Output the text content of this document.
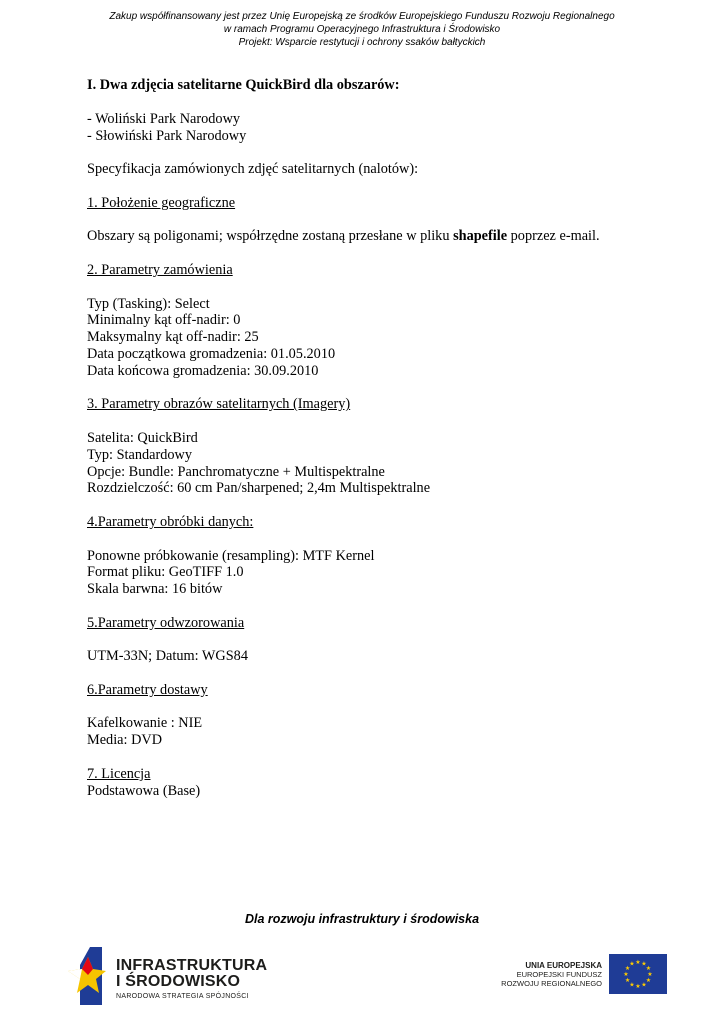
Zakup współfinansowany jest przez Unię Europejską ze środków Europejskiego Funduszu Rozwoju Regionalnego
w ramach Programu Operacyjnego Infrastruktura i Środowisko
Projekt: Wsparcie restytucji i ochrony ssaków bałtyckich
I. Dwa zdjęcia satelitarne QuickBird dla obszarów:
- Woliński Park Narodowy
- Słowiński Park Narodowy
Specyfikacja zamówionych zdjęć satelitarnych (nalotów):
1. Położenie geograficzne
Obszary są poligonami; współrzędne zostaną przesłane w pliku shapefile poprzez e-mail.
2. Parametry zamówienia
Typ (Tasking): Select
Minimalny kąt off-nadir: 0
Maksymalny kąt off-nadir: 25
Data początkowa gromadzenia: 01.05.2010
Data końcowa gromadzenia: 30.09.2010
3. Parametry obrazów satelitarnych (Imagery)
Satelita: QuickBird
Typ: Standardowy
Opcje: Bundle: Panchromatyczne + Multispektralne
Rozdzielczość: 60 cm Pan/sharpened; 2,4m Multispektralne
4.Parametry obróbki danych:
Ponowne próbkowanie (resampling): MTF Kernel
Format pliku: GeoTIFF 1.0
Skala barwna: 16 bitów
5.Parametry odwzorowania
UTM-33N; Datum: WGS84
6.Parametry dostawy
Kafelkowanie : NIE
Media: DVD
7. Licencja
Podstawowa (Base)
Dla rozwoju infrastruktury i środowiska
INFRASTRUKTURA
I ŚRODOWISKO
NARODOWA STRATEGIA SPÓJNOŚCI
UNIA EUROPEJSKA
EUROPEJSKI FUNDUSZ
ROZWOJU REGIONALNEGO
★ ★
★
★
★
★
★
★
★
★
★
★
